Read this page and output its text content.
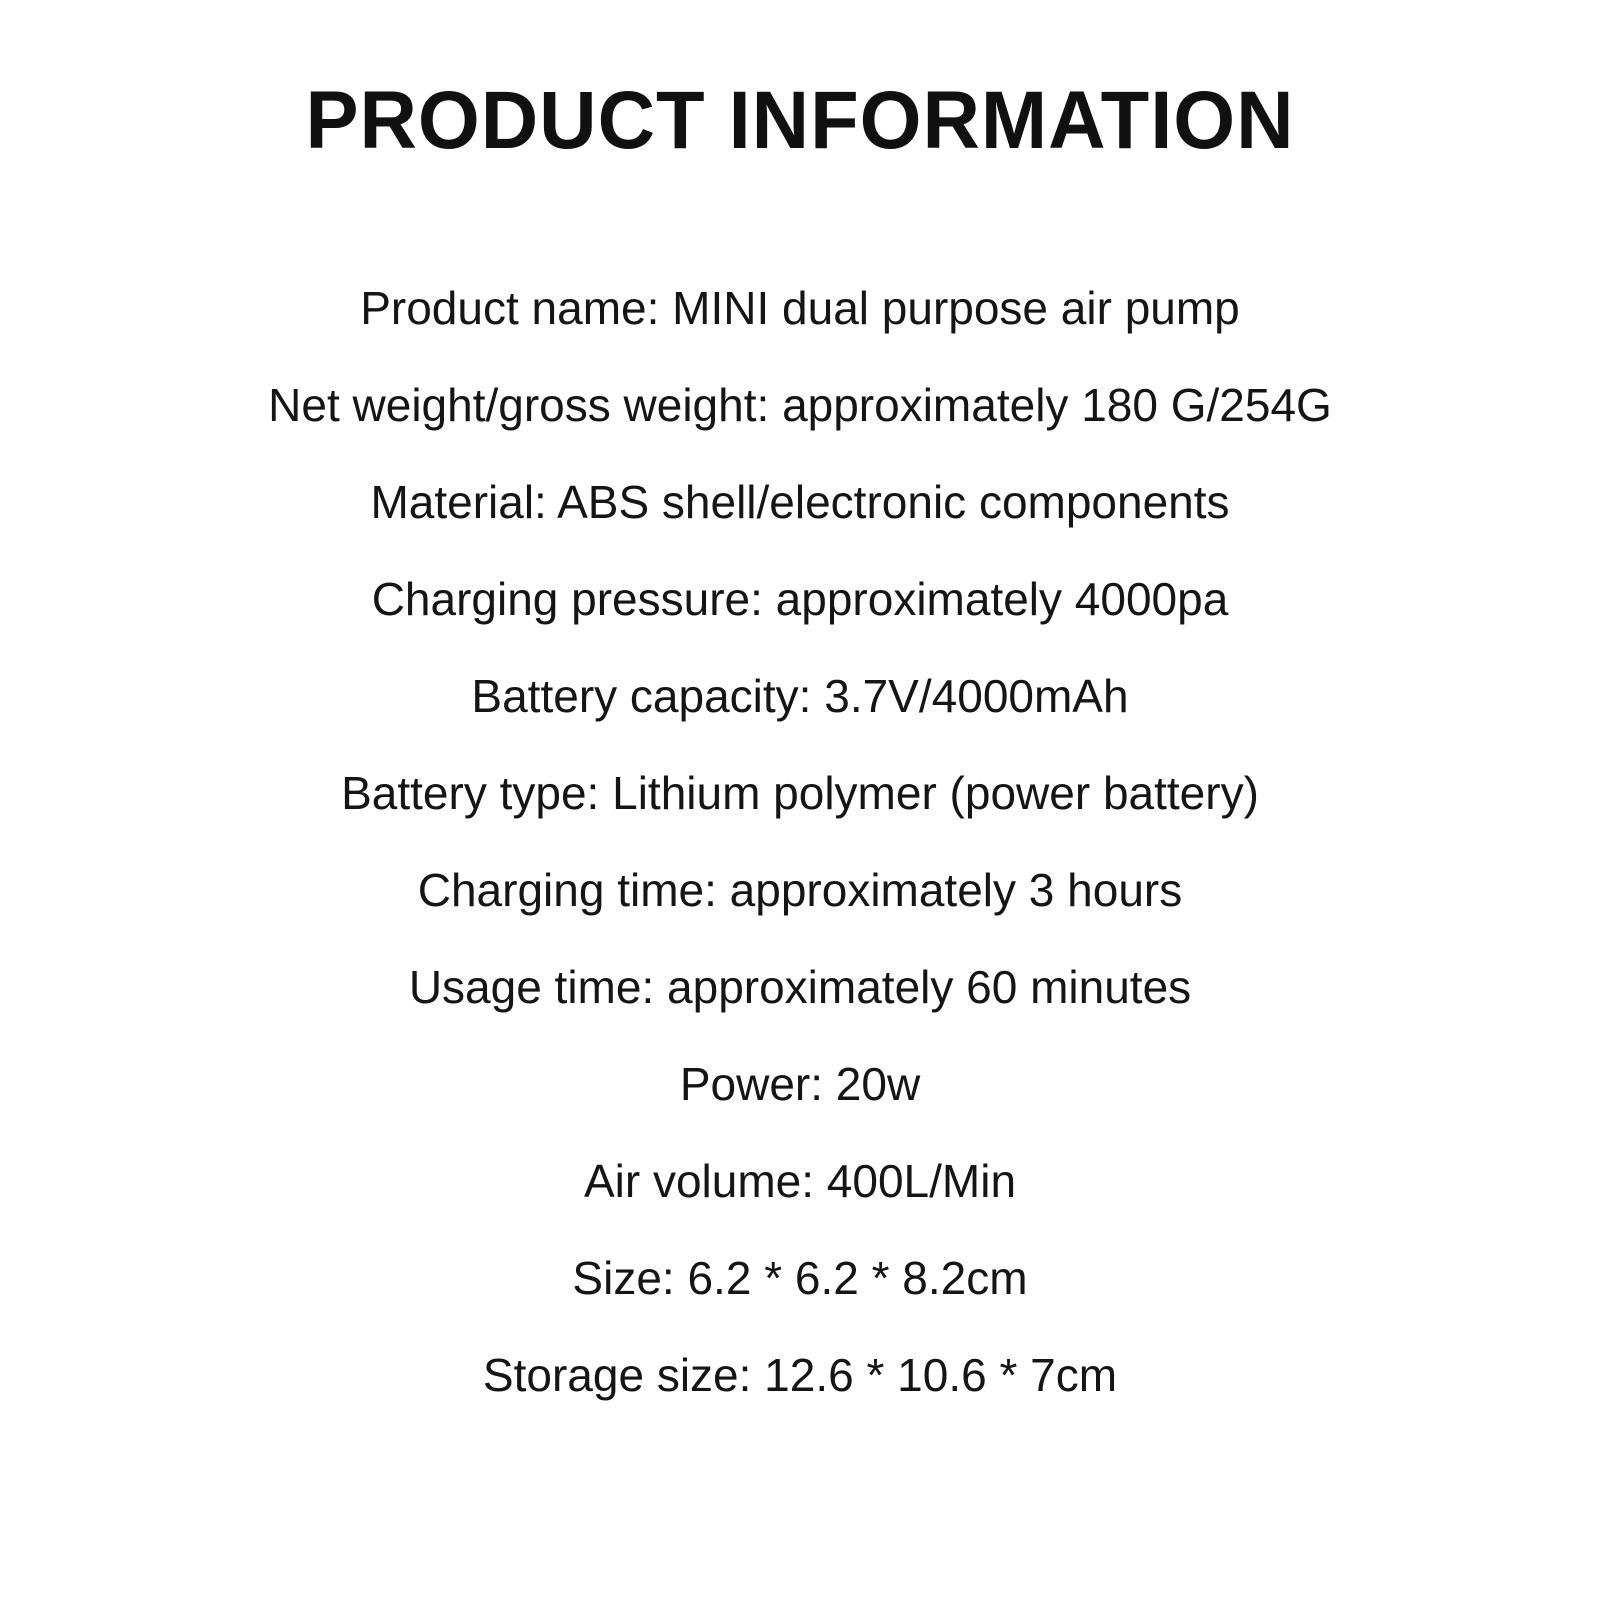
PRODUCT INFORMATION
Product name: MINI dual purpose air pump
Net weight/gross weight: approximately 180 G/254G
Material: ABS shell/electronic components
Charging pressure: approximately 4000pa
Battery capacity: 3.7V/4000mAh
Battery type: Lithium polymer (power battery)
Charging time: approximately 3 hours
Usage time: approximately 60 minutes
Power: 20w
Air volume: 400L/Min
Size: 6.2 * 6.2 * 8.2cm
Storage size: 12.6 * 10.6 * 7cm
